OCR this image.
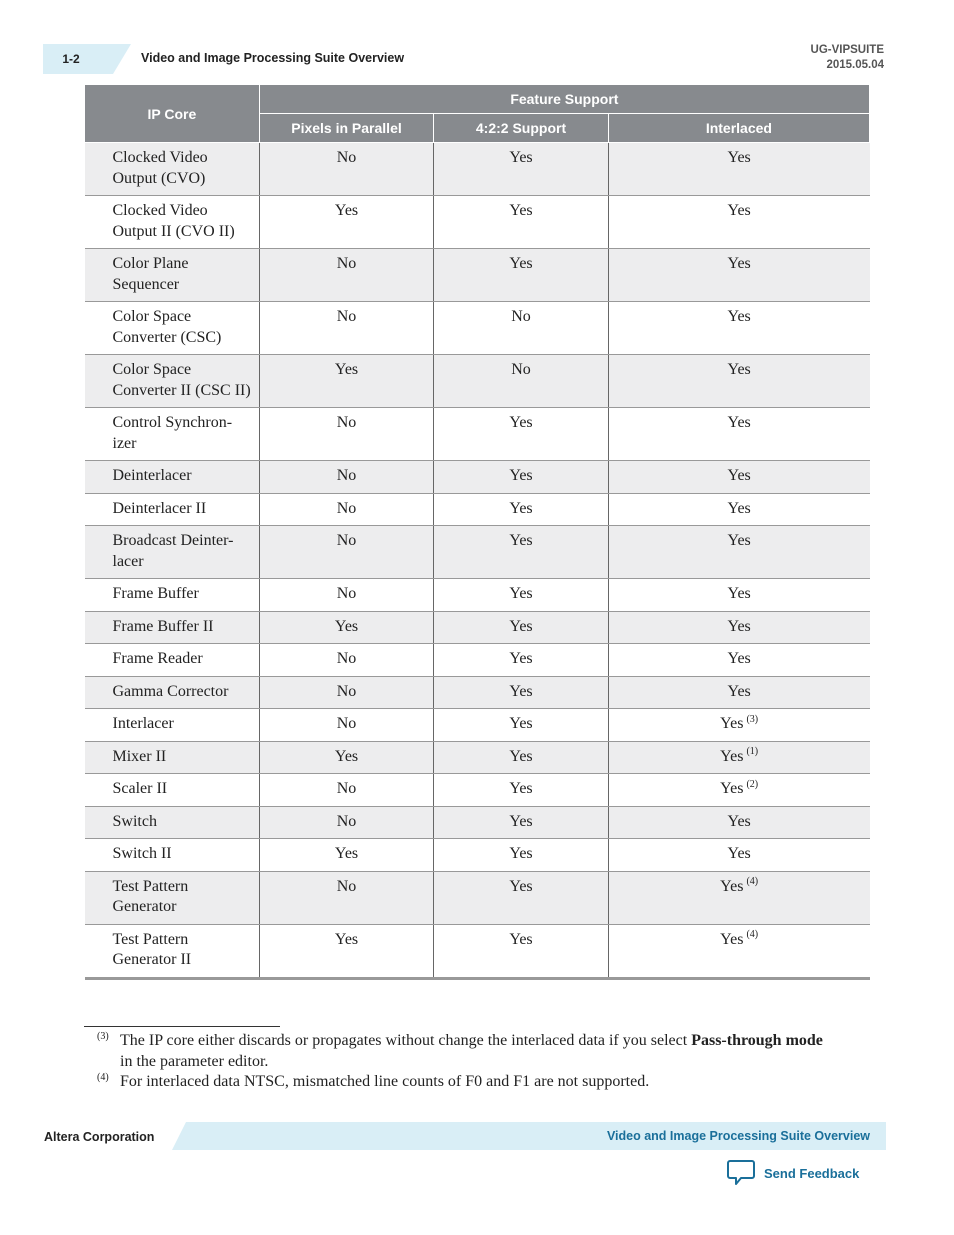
1-2	Video and Image Processing Suite Overview
UG-VIPSUITE
2015.05.04
IP Core	Feature Support		
	Pixels in Parallel	4:2:2 Support	Interlaced
Clocked Video Output (CVO)	No	Yes	Yes
Clocked Video Output II (CVO II)	Yes	Yes	Yes
Color Plane Sequencer	No	Yes	Yes
Color Space Converter (CSC)	No	No	Yes
Color Space Converter II (CSC II)	Yes	No	Yes
Control Synchron- izer	No	Yes	Yes
Deinterlacer	No	Yes	Yes
Deinterlacer II	No	Yes	Yes
Broadcast Deinter- lacer	No	Yes	Yes
Frame Buffer	No	Yes	Yes
Frame Buffer II	Yes	Yes	Yes
Frame Reader	No	Yes	Yes
Gamma Corrector	No	Yes	Yes
Interlacer	No	Yes	Yes $^{(3)}$
Mixer II	Yes	Yes	Yes $^{(1)}$
Scaler II	No	Yes	Yes $^{(2)}$
Switch	No	Yes	Yes
Switch II	Yes	Yes	Yes
Test Pattern Generator	No	Yes	Yes $^{(4)}$
Test Pattern Generator II	Yes	Yes	Yes $^{(4)}$
(3) The IP core either discards or propagates without change the interlaced data if you select Pass-through mode in the parameter editor.
(4) For interlaced data NTSC, mismatched line counts of F0 and F1 are not supported.
Altera Corporation	Video and Image Processing Suite Overview
Send Feedback
